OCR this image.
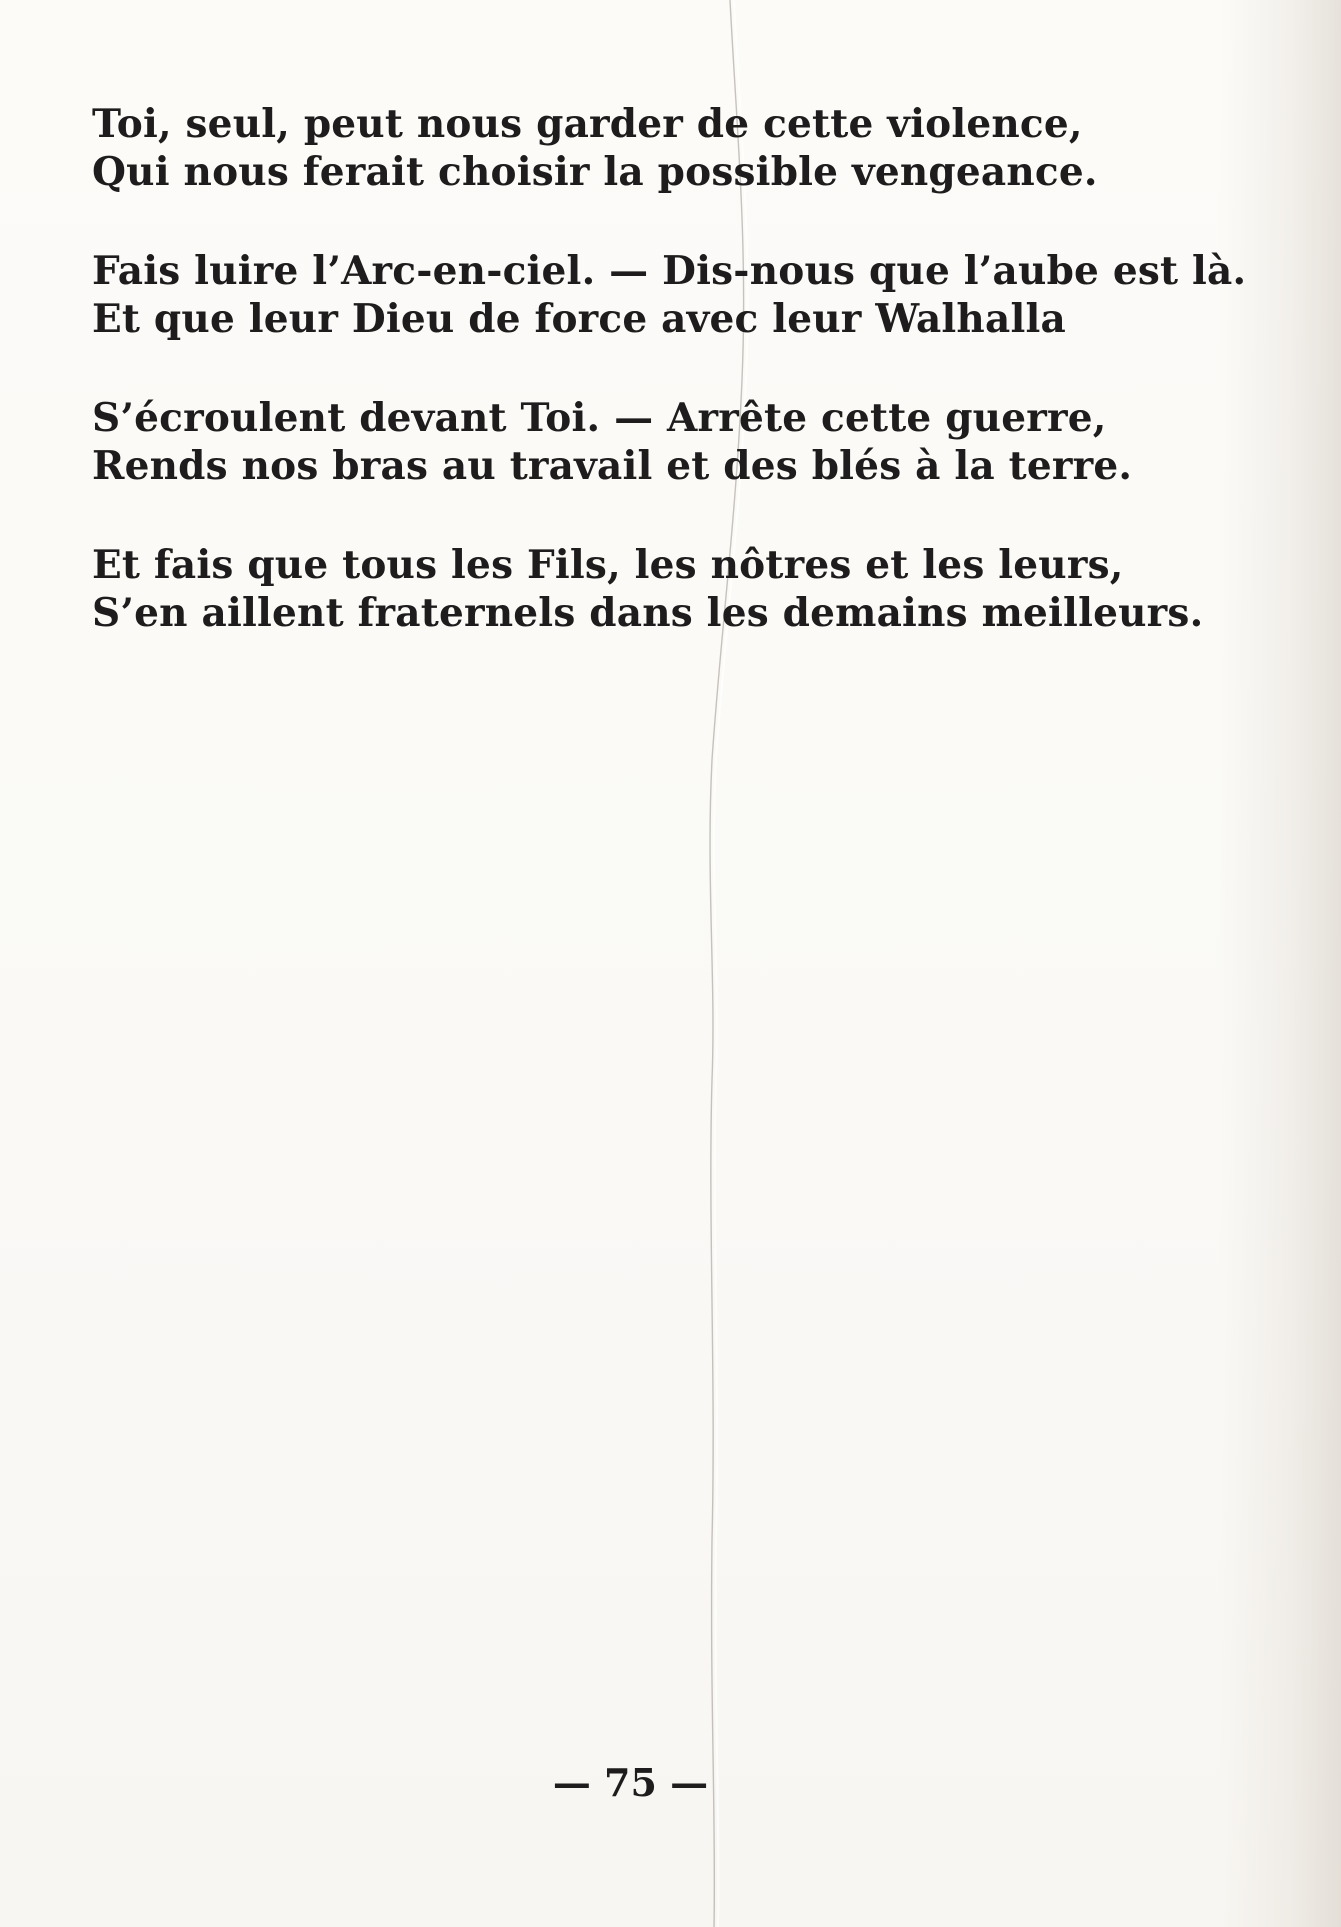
Toi, seul, peut nous garder de cette violence,
Qui nous ferait choisir la possible vengeance.
Fais luire l’Arc-en-ciel. — Dis-nous que l’aube est là.
Et que leur Dieu de force avec leur Walhalla
S’écroulent devant Toi. — Arrête cette guerre,
Rends nos bras au travail et des blés à la terre.
Et fais que tous les Fils, les nôtres et les leurs,
S’en aillent fraternels dans les demains meilleurs.
— 75 —
